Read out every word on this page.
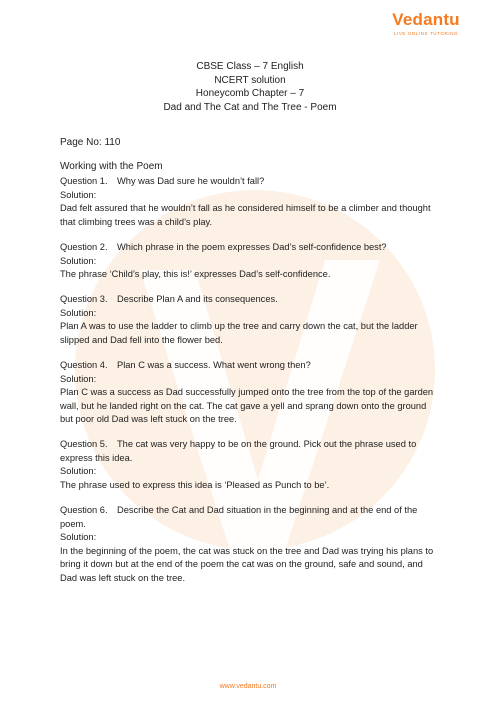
Vedantu
LIVE ONLINE TUTORING
CBSE Class – 7 English
NCERT solution
Honeycomb Chapter – 7
Dad and The Cat and The Tree - Poem
Page No: 110
Working with the Poem
Question 1. Why was Dad sure he wouldn’t fall?
Solution:
Dad felt assured that he wouldn’t fall as he considered himself to be a climber and thought that climbing trees was a child’s play.
Question 2. Which phrase in the poem expresses Dad’s self-confidence best?
Solution:
The phrase ‘Child’s play, this is!’ expresses Dad’s self-confidence.
Question 3. Describe Plan A and its consequences.
Solution:
Plan A was to use the ladder to climb up the tree and carry down the cat, but the ladder slipped and Dad fell into the flower bed.
Question 4. Plan C was a success. What went wrong then?
Solution:
Plan C was a success as Dad successfully jumped onto the tree from the top of the garden wall, but he landed right on the cat. The cat gave a yell and sprang down onto the ground but poor old Dad was left stuck on the tree.
Question 5. The cat was very happy to be on the ground. Pick out the phrase used to express this idea.
Solution:
The phrase used to express this idea is ‘Pleased as Punch to be’.
Question 6. Describe the Cat and Dad situation in the beginning and at the end of the poem.
Solution:
In the beginning of the poem, the cat was stuck on the tree and Dad was trying his plans to bring it down but at the end of the poem the cat was on the ground, safe and sound, and Dad was left stuck on the tree.
www.vedantu.com
